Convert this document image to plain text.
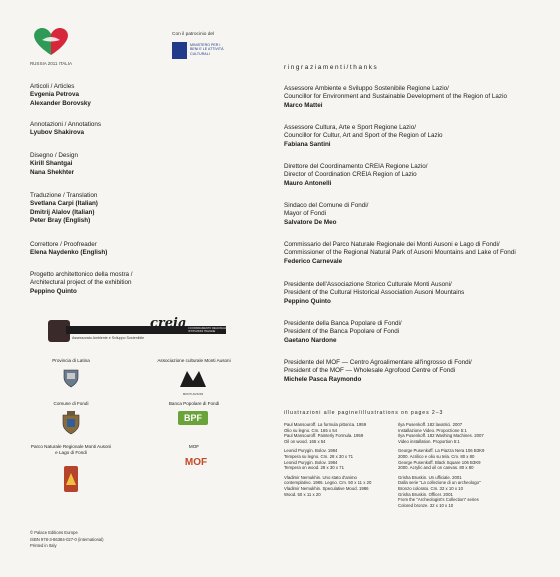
RUSSIA 2011 ITALIA
Con il patrocinio del
MINISTERO PER I BENI E LE ATTIVITÀ CULTURALI
Articoli / Articles
Evgenia Petrova
Alexander Borovsky
Annotazioni / Annotations
Lyubov Shakirova
Disegno / Design
Kirill Shantgai
Nana Shekhter
Traduzione / Translation
Svetlana Carpi (Italian)
Dmitrij Alalov (Italian)
Peter Bray (English)
Correttore / Proofreader
Elena Naydenko (English)
Progetto architettonico della mostra /
Architectural project of the exhibition
Peppino Quinto
Assessorato Ambiente e Sviluppo Sostenibile
creia COORDINAMENTO REGIONALE DELLE ISTITUZIONI ITALIANE
Provincia di Latina	Associazione culturale Monti Ausoni
MONTI AUSONI
Comune di Fondi	Banca Popolare di Fondi
BPF
Parco Naturale Regionale Monti Ausoni
e Lago di Fondi
MOF
MOF
© Palace Editions Europe
ISBN 978-3-86384-027-0 (international)
Printed in Italy
ringraziamenti/thanks
Assessore Ambiente e Sviluppo Sostenibile Regione Lazio/
Councillor for Environment and Sustainable Development of the Region of Lazio
Marco Mattei
Assessore Cultura, Arte e Sport Regione Lazio/
Councillor for Cultur, Art and Sport of the Region of Lazio
Fabiana Santini
Direttore del Coordinamento CREIA Regione Lazio/
Director of Coordination CREIA Region of Lazio
Mauro Antonelli
Sindaco del Comune di Fondi/
Mayor of Fondi
Salvatore De Meo
Commissario del Parco Naturale Regionale dei Monti Ausoni e Lago di Fondi/
Commissioner of the Regional Natural Park of Ausoni Mountains and Lake of Fondi
Federico Carnevale
Presidente dell'Associazione Storico Culturale Monti Ausoni/
President of the Cultural Historical Association Ausoni Mountains
Peppino Quinto
Presidente della Banca Popolare di Fondi/
President of the Banca Popolare of Fondi
Gaetano Nardone
Presidente del MOF — Centro Agroalimentare all'ingrosso di Fondi/
President of the MOF — Wholesale Agrofood Centre of Fondi
Michele Pasca Raymondo
illustrazioni alle pagine/illustrations on pages 2–3
Paul Mansouroff. La formula pittorica. 1959
Olio su legno. Cm. 165 x 54
Paul Mansouroff. Painterly Formula. 1959
Oil on wood. 165 x 54
Leonid Purygin. Bolov. 1984
Tempera su legno. Cm. 28 x 30 x 71
Leonid Purygin. Bolov. 1984
Tempera on wood. 28 x 30 x 71
Vladimir Nemukhin. Uno stato d'animo
contemplativo. 1986. Legno. Cm. 50 x 11 x 20
Vladimir Nemukhin. Speculative Mood. 1986
Wood. 50 x 11 x 20
Ilya Pusenkoff. 182 lavatrici. 2007
Installazione Video. Proporzione 5:1
Ilya Pusenkoff. 182 Washing Machines. 2007
Video installation. Proportion 5:1
George Pusenkoff. La Piazza Nera 106 B3K9
2000. Acrilico e olio su tela. Cm. 80 x 80
George Pusenkoff. Black Square 106 B3K9
2000. Acrylic and oil on canvas. 80 x 80
Grisha Bruskin. Un ufficiale. 2001
Dalla serie "La collezione di un archeologo"
Bronzo colorato. Cm. 32 x 10 x 10
Grisha Bruskin. Officer. 2001
From the "Archeologist's Collection" series
Colored bronze. 32 x 10 x 10
